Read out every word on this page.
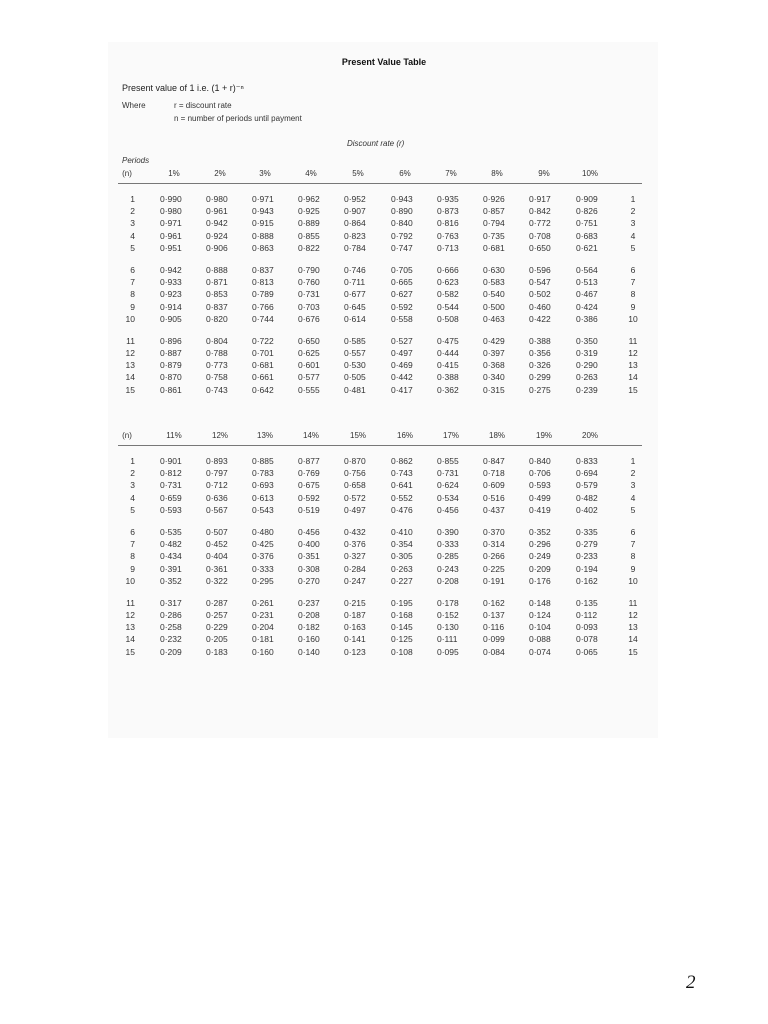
Present Value Table
Present value of 1 i.e. (1 + r)⁻ⁿ
Where	r = discount rate
n = number of periods until payment
Discount rate (r)
Periods
(n)	1%	2%	3%	4%	5%	6%	7%	8%	9%	10%
1	0·990	0·980	0·971	0·962	0·952	0·943	0·935	0·926	0·917	0·909	1
2	0·980	0·961	0·943	0·925	0·907	0·890	0·873	0·857	0·842	0·826	2
3	0·971	0·942	0·915	0·889	0·864	0·840	0·816	0·794	0·772	0·751	3
4	0·961	0·924	0·888	0·855	0·823	0·792	0·763	0·735	0·708	0·683	4
5	0·951	0·906	0·863	0·822	0·784	0·747	0·713	0·681	0·650	0·621	5
6	0·942	0·888	0·837	0·790	0·746	0·705	0·666	0·630	0·596	0·564	6
7	0·933	0·871	0·813	0·760	0·711	0·665	0·623	0·583	0·547	0·513	7
8	0·923	0·853	0·789	0·731	0·677	0·627	0·582	0·540	0·502	0·467	8
9	0·914	0·837	0·766	0·703	0·645	0·592	0·544	0·500	0·460	0·424	9
10	0·905	0·820	0·744	0·676	0·614	0·558	0·508	0·463	0·422	0·386	10
11	0·896	0·804	0·722	0·650	0·585	0·527	0·475	0·429	0·388	0·350	11
12	0·887	0·788	0·701	0·625	0·557	0·497	0·444	0·397	0·356	0·319	12
13	0·879	0·773	0·681	0·601	0·530	0·469	0·415	0·368	0·326	0·290	13
14	0·870	0·758	0·661	0·577	0·505	0·442	0·388	0·340	0·299	0·263	14
15	0·861	0·743	0·642	0·555	0·481	0·417	0·362	0·315	0·275	0·239	15
(n)	11%	12%	13%	14%	15%	16%	17%	18%	19%	20%
1	0·901	0·893	0·885	0·877	0·870	0·862	0·855	0·847	0·840	0·833	1
2	0·812	0·797	0·783	0·769	0·756	0·743	0·731	0·718	0·706	0·694	2
3	0·731	0·712	0·693	0·675	0·658	0·641	0·624	0·609	0·593	0·579	3
4	0·659	0·636	0·613	0·592	0·572	0·552	0·534	0·516	0·499	0·482	4
5	0·593	0·567	0·543	0·519	0·497	0·476	0·456	0·437	0·419	0·402	5
6	0·535	0·507	0·480	0·456	0·432	0·410	0·390	0·370	0·352	0·335	6
7	0·482	0·452	0·425	0·400	0·376	0·354	0·333	0·314	0·296	0·279	7
8	0·434	0·404	0·376	0·351	0·327	0·305	0·285	0·266	0·249	0·233	8
9	0·391	0·361	0·333	0·308	0·284	0·263	0·243	0·225	0·209	0·194	9
10	0·352	0·322	0·295	0·270	0·247	0·227	0·208	0·191	0·176	0·162	10
11	0·317	0·287	0·261	0·237	0·215	0·195	0·178	0·162	0·148	0·135	11
12	0·286	0·257	0·231	0·208	0·187	0·168	0·152	0·137	0·124	0·112	12
13	0·258	0·229	0·204	0·182	0·163	0·145	0·130	0·116	0·104	0·093	13
14	0·232	0·205	0·181	0·160	0·141	0·125	0·111	0·099	0·088	0·078	14
15	0·209	0·183	0·160	0·140	0·123	0·108	0·095	0·084	0·074	0·065	15
2
